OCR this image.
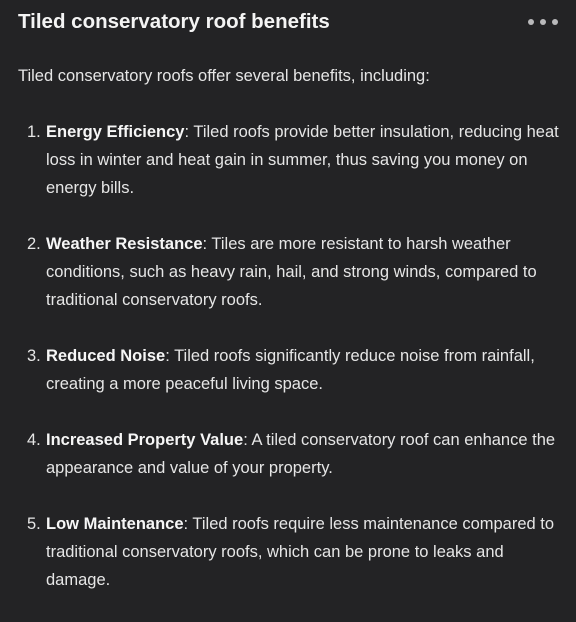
Tiled conservatory roof benefits

Tiled conservatory roofs offer several benefits, including:

1. Energy Efficiency: Tiled roofs provide better insulation, reducing heat loss in winter and heat gain in summer, thus saving you money on energy bills.
2. Weather Resistance: Tiles are more resistant to harsh weather conditions, such as heavy rain, hail, and strong winds, compared to traditional conservatory roofs.
3. Reduced Noise: Tiled roofs significantly reduce noise from rainfall, creating a more peaceful living space.
4. Increased Property Value: A tiled conservatory roof can enhance the appearance and value of your property.
5. Low Maintenance: Tiled roofs require less maintenance compared to traditional conservatory roofs, which can be prone to leaks and damage.
